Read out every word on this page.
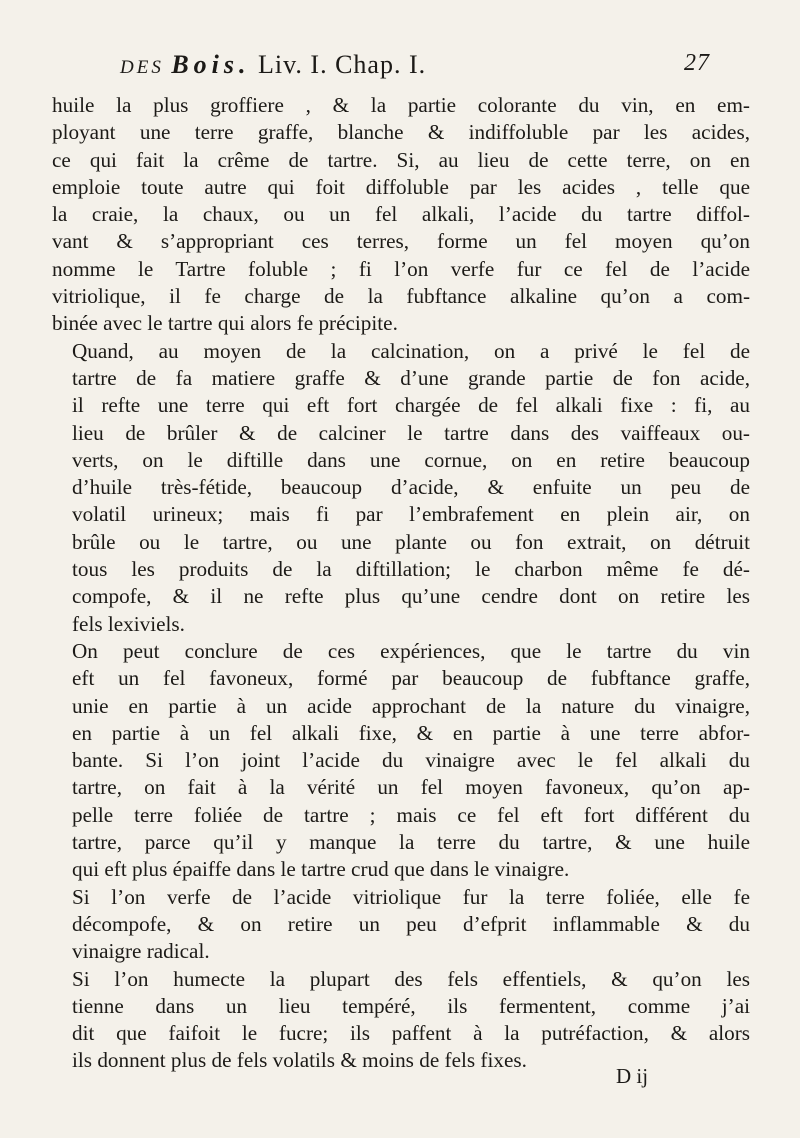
DES Bois. Liv. I. Chap. I.	27
huile la plus groffiere , & la partie colorante du vin, en em-
ployant une terre graffe, blanche & indiffoluble par les acides,
ce qui fait la crême de tartre. Si, au lieu de cette terre, on en
emploie toute autre qui foit diffoluble par les acides , telle que
la craie, la chaux, ou un fel alkali, l’acide du tartre diffol-
vant & s’appropriant ces terres, forme un fel moyen qu’on
nomme le Tartre foluble ; fi l’on verfe fur ce fel de l’acide
vitriolique, il fe charge de la fubftance alkaline qu’on a com-
binée avec le tartre qui alors fe précipite.
Quand, au moyen de la calcination, on a privé le fel de
tartre de fa matiere graffe & d’une grande partie de fon acide,
il refte une terre qui eft fort chargée de fel alkali fixe : fi, au
lieu de brûler & de calciner le tartre dans des vaiffeaux ou-
verts, on le diftille dans une cornue, on en retire beaucoup
d’huile très-fétide, beaucoup d’acide, & enfuite un peu de
volatil urineux; mais fi par l’embrafement en plein air, on
brûle ou le tartre, ou une plante ou fon extrait, on détruit
tous les produits de la diftillation; le charbon même fe dé-
compofe, & il ne refte plus qu’une cendre dont on retire les
fels lexiviels.
On peut conclure de ces expériences, que le tartre du vin
eft un fel favoneux, formé par beaucoup de fubftance graffe,
unie en partie à un acide approchant de la nature du vinaigre,
en partie à un fel alkali fixe, & en partie à une terre abfor-
bante. Si l’on joint l’acide du vinaigre avec le fel alkali du
tartre, on fait à la vérité un fel moyen favoneux, qu’on ap-
pelle terre foliée de tartre ; mais ce fel eft fort différent du
tartre, parce qu’il y manque la terre du tartre, & une huile
qui eft plus épaiffe dans le tartre crud que dans le vinaigre.
Si l’on verfe de l’acide vitriolique fur la terre foliée, elle fe
décompofe, & on retire un peu d’efprit inflammable & du
vinaigre radical.
Si l’on humecte la plupart des fels effentiels, & qu’on les
tienne dans un lieu tempéré, ils fermentent, comme j’ai
dit que faifoit le fucre; ils paffent à la putréfaction, & alors
ils donnent plus de fels volatils & moins de fels fixes.
D ij
